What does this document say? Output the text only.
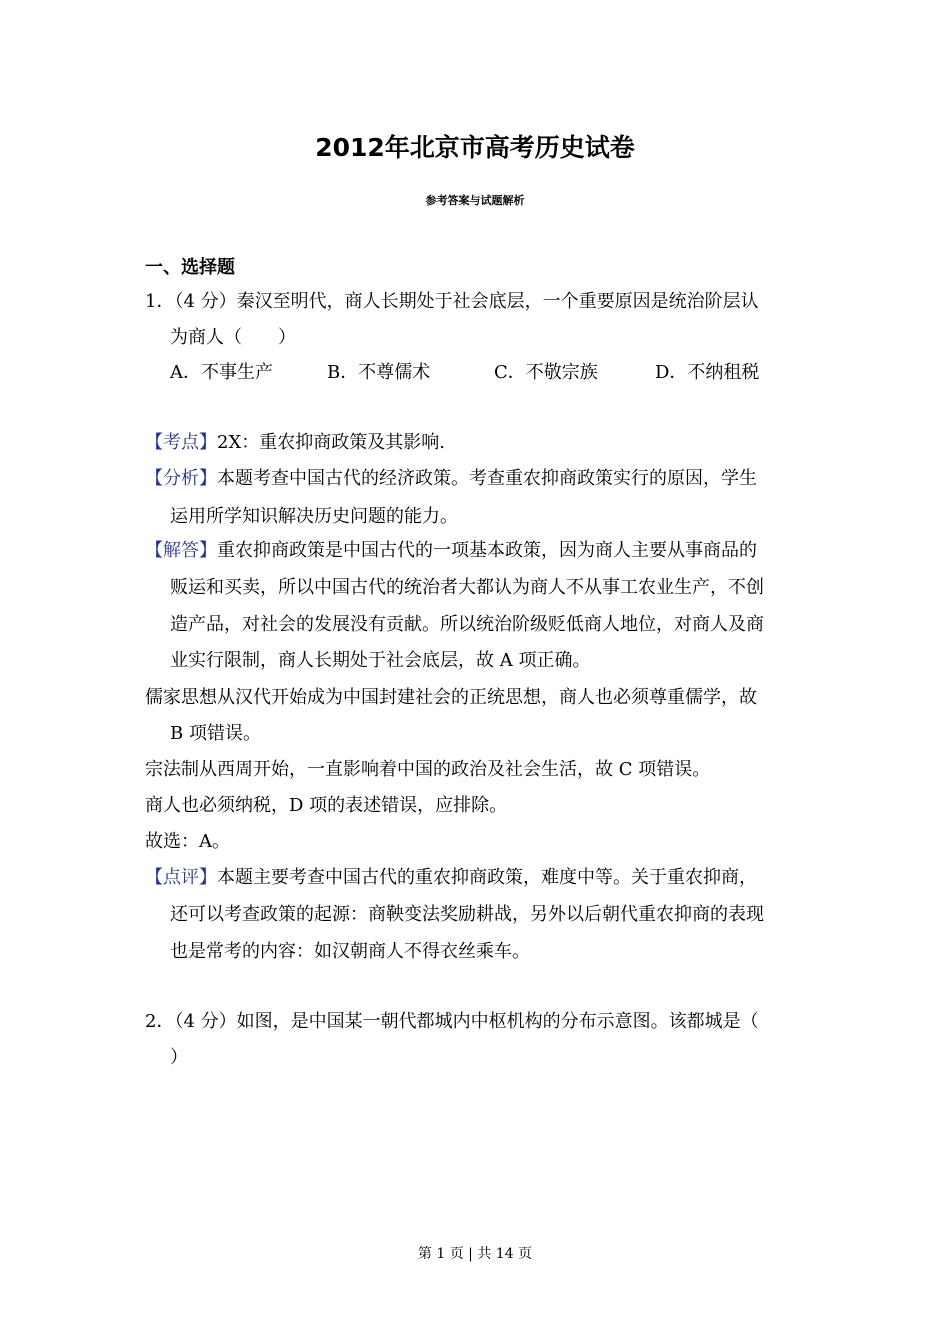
2012年北京市高考历史试卷
参考答案与试题解析
一、选择题
1．（4 分）秦汉至明代，商人长期处于社会底层，一个重要原因是统治阶层认
为商人（　　）
A．不事生产	B．不尊儒术	C．不敬宗族	D．不纳租税
【考点】2X：重农抑商政策及其影响.
【分析】本题考查中国古代的经济政策。考查重农抑商政策实行的原因，学生
运用所学知识解决历史问题的能力。
【解答】重农抑商政策是中国古代的一项基本政策，因为商人主要从事商品的
贩运和买卖，所以中国古代的统治者大都认为商人不从事工农业生产，不创
造产品，对社会的发展没有贡献。所以统治阶级贬低商人地位，对商人及商
业实行限制，商人长期处于社会底层，故 A 项正确。
儒家思想从汉代开始成为中国封建社会的正统思想，商人也必须尊重儒学，故
B 项错误。
宗法制从西周开始，一直影响着中国的政治及社会生活，故 C 项错误。
商人也必须纳税，D 项的表述错误，应排除。
故选：A。
【点评】本题主要考查中国古代的重农抑商政策，难度中等。关于重农抑商，
还可以考查政策的起源：商鞅变法奖励耕战，另外以后朝代重农抑商的表现
也是常考的内容：如汉朝商人不得衣丝乘车。
2．（4 分）如图，是中国某一朝代都城内中枢机构的分布示意图。该都城是（
）
第 1 页 | 共 14 页
